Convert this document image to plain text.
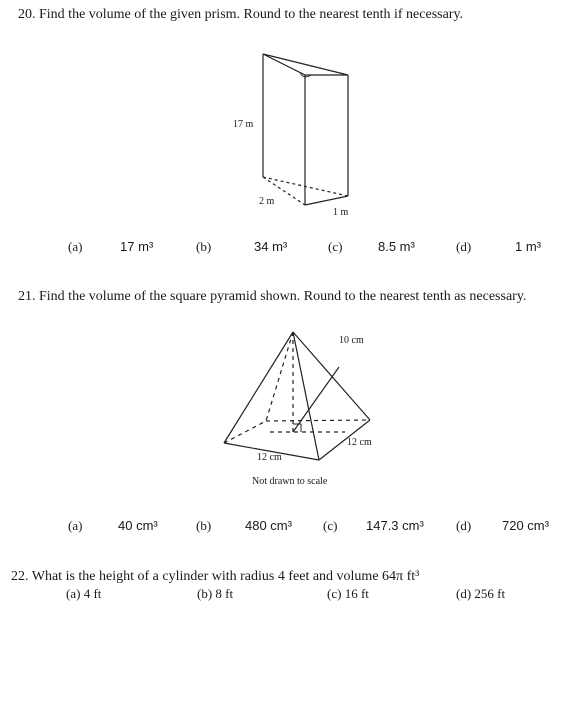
20. Find the volume of the given prism. Round to the nearest tenth if necessary.
17 m
2 m
1 m
(a)	17 m³	(b)	34 m³	(c)	8.5 m³	(d)	1 m³
21. Find the volume of the square pyramid shown. Round to the nearest tenth as necessary.
10 cm
12 cm
12 cm
Not drawn to scale
(a)	40 cm³	(b)	480 cm³ (c) 147.3 cm³ (d) 720 cm³
22. What is the height of a cylinder with radius 4 feet and volume 64π ft³
(a) 4 ft	(b) 8 ft	(c) 16 ft	(d) 256 ft
